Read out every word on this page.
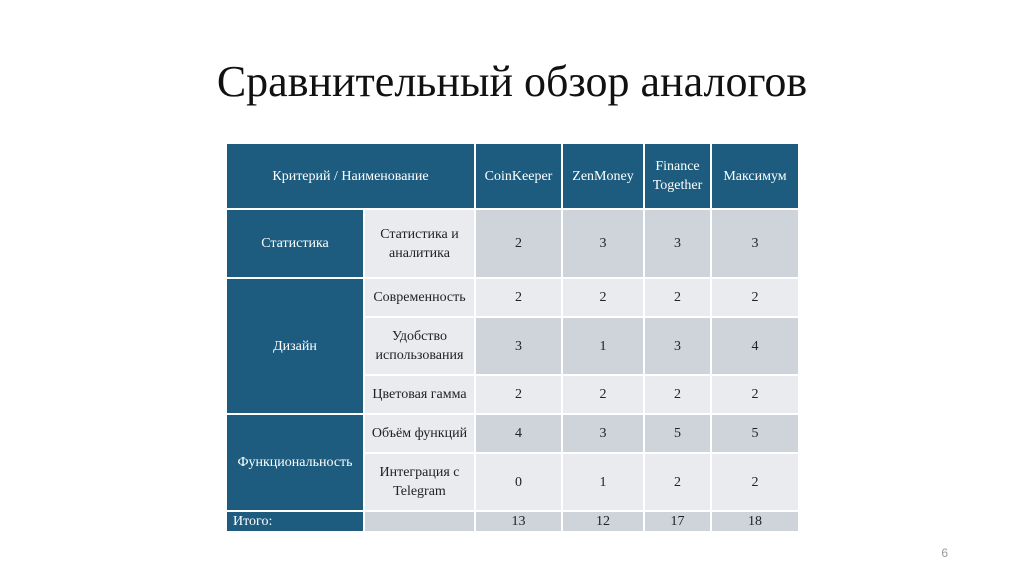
Сравнительный обзор аналогов
Критерий / Наименование		CoinKeeper	ZenMoney	Finance Together	Максимум
Статистика	Статистика и аналитика	2	3	3	3
Дизайн	Современность	2	2	2	2
	Удобство использования	3	1	3	4
	Цветовая гамма	2	2	2	2
Функциональность	Объём функций	4	3	5	5
	Интеграция с Telegram	0	1	2	2
Итого:		13	12	17	18
6
